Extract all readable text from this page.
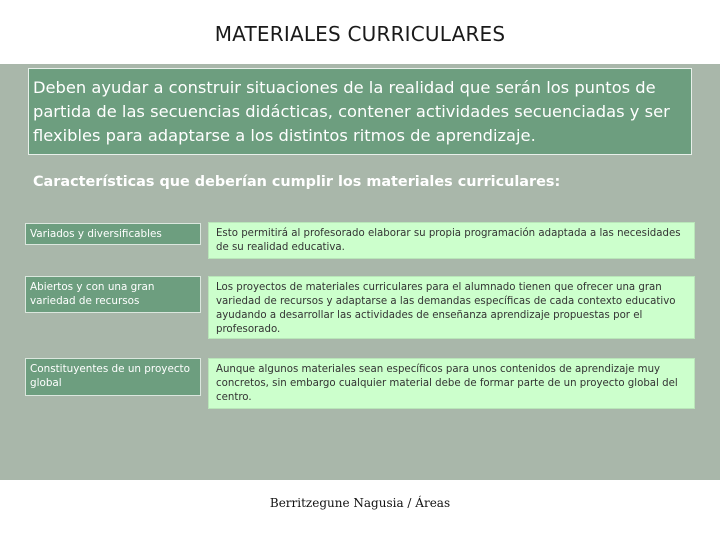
MATERIALES CURRICULARES
Deben ayudar a construir situaciones de la realidad que serán los puntos de partida de las secuencias didácticas, contener actividades secuenciadas y ser flexibles para adaptarse a los distintos ritmos de aprendizaje.
Características que deberían cumplir los materiales curriculares:
Variados y diversificables	Esto permitirá al profesorado elaborar su propia programación adaptada a las necesidades de su realidad educativa.
Abiertos y con una gran variedad de recursos
Los proyectos de materiales curriculares para el alumnado tienen que ofrecer una gran variedad de recursos y adaptarse a las demandas específicas de cada contexto educativo ayudando a desarrollar las actividades de enseñanza aprendizaje propuestas por el profesorado.
Constituyentes de un proyecto global
Aunque algunos materiales sean específicos para unos contenidos de aprendizaje muy concretos, sin embargo cualquier material debe de formar parte de un proyecto global del centro.
Berritzegune Nagusia / Áreas
